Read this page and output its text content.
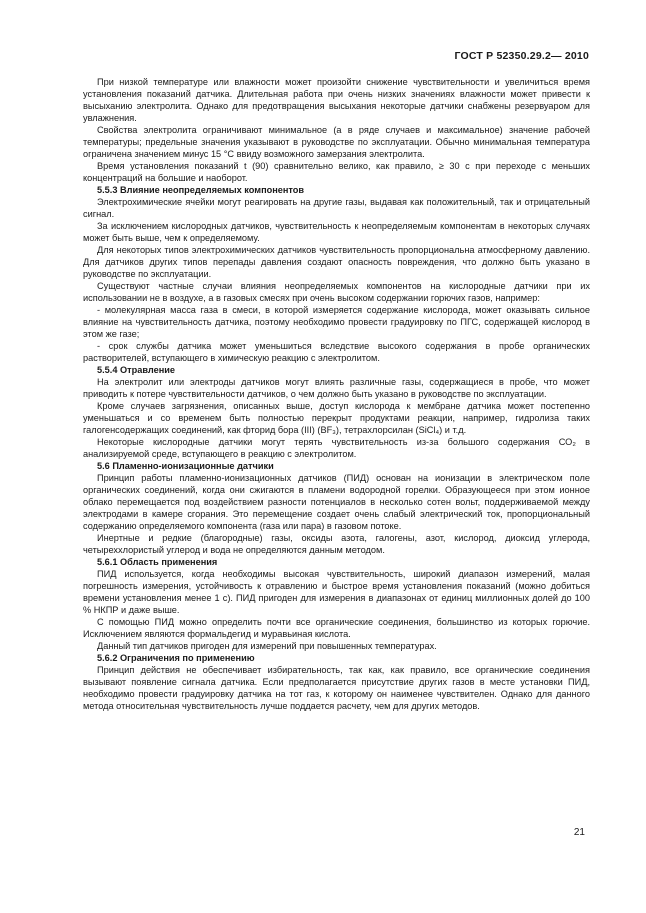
ГОСТ Р 52350.29.2— 2010

При низкой температуре или влажности может произойти снижение чувствительности и увеличиться время установления показаний датчика. Длительная работа при очень низких значениях влажности может привести к высыханию электролита. Однако для предотвращения высыхания некоторые датчики снабжены резервуаром для увлажнения.

Свойства электролита ограничивают минимальное (а в ряде случаев и максимальное) значение рабочей температуры; предельные значения указывают в руководстве по эксплуатации. Обычно минимальная температура ограничена значением минус 15 °С ввиду возможного замерзания электролита.

Время установления показаний t (90) сравнительно велико, как правило, ≥ 30 с при переходе с меньших концентраций на большие и наоборот.

5.5.3 Влияние неопределяемых компонентов

Электрохимические ячейки могут реагировать на другие газы, выдавая как положительный, так и отрицательный сигнал.

За исключением кислородных датчиков, чувствительность к неопределяемым компонентам в некоторых случаях может быть выше, чем к определяемому.

Для некоторых типов электрохимических датчиков чувствительность пропорциональна атмосферному давлению. Для датчиков других типов перепады давления создают опасность повреждения, что должно быть указано в руководстве по эксплуатации.

Существуют частные случаи влияния неопределяемых компонентов на кислородные датчики при их использовании не в воздухе, а в газовых смесях при очень высоком содержании горючих газов, например:

- молекулярная масса газа в смеси, в которой измеряется содержание кислорода, может оказывать сильное влияние на чувствительность датчика, поэтому необходимо провести градуировку по ПГС, содержащей кислород в этом же газе;

- срок службы датчика может уменьшиться вследствие высокого содержания в пробе органических растворителей, вступающего в химическую реакцию с электролитом.

5.5.4 Отравление

На электролит или электроды датчиков могут влиять различные газы, содержащиеся в пробе, что может приводить к потере чувствительности датчиков, о чем должно быть указано в руководстве по эксплуатации.

Кроме случаев загрязнения, описанных выше, доступ кислорода к мембране датчика может постепенно уменьшаться и со временем быть полностью перекрыт продуктами реакции, например, гидролиза таких галогенсодержащих соединений, как фторид бора (III) (BF₃), тетрахлорсилан (SiCl₄) и т.д.

Некоторые кислородные датчики могут терять чувствительность из-за большого содержания СО₂ в анализируемой среде, вступающего в реакцию с электролитом.

5.6 Пламенно-ионизационные датчики

Принцип работы пламенно-ионизационных датчиков (ПИД) основан на ионизации в электрическом поле органических соединений, когда они сжигаются в пламени водородной горелки. Образующееся при этом ионное облако перемещается под воздействием разности потенциалов в несколько сотен вольт, поддерживаемой между электродами в камере сгорания. Это перемещение создает очень слабый электрический ток, пропорциональный содержанию определяемого компонента (газа или пара) в газовом потоке.

Инертные и редкие (благородные) газы, оксиды азота, галогены, азот, кислород, диоксид углерода, четыреххлористый углерод и вода не определяются данным методом.

5.6.1 Область применения

ПИД используется, когда необходимы высокая чувствительность, широкий диапазон измерений, малая погрешность измерения, устойчивость к отравлению и быстрое время установления показаний (можно добиться времени установления менее 1 с). ПИД пригоден для измерения в диапазонах от единиц миллионных долей до 100 % НКПР и даже выше.

С помощью ПИД можно определить почти все органические соединения, большинство из которых горючие. Исключением являются формальдегид и муравьиная кислота.

Данный тип датчиков пригоден для измерений при повышенных температурах.

5.6.2 Ограничения по применению

Принцип действия не обеспечивает избирательность, так как, как правило, все органические соединения вызывают появление сигнала датчика. Если предполагается присутствие других газов в месте установки ПИД, необходимо провести градуировку датчика на тот газ, к которому он наименее чувствителен. Однако для данного метода относительная чувствительность лучше поддается расчету, чем для других методов.

21
